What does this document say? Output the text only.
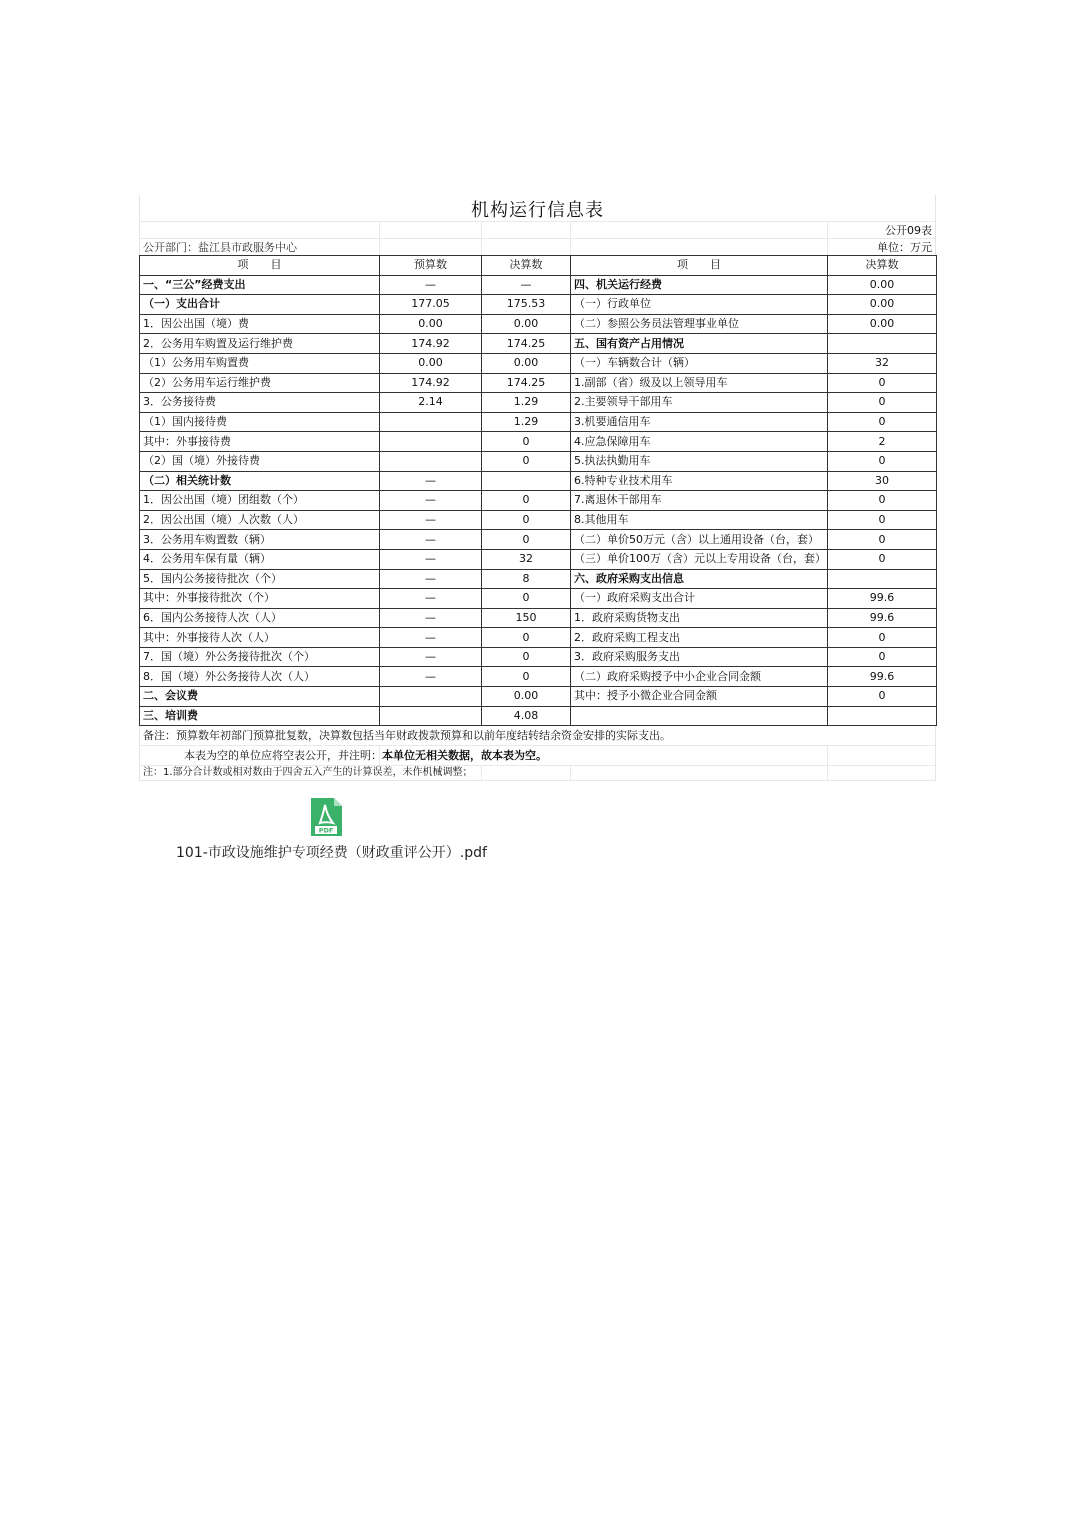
机构运行信息表
公开09表
公开部门：盐江县市政服务中心	单位：万元
项　　目	预算数	决算数	项　　目	决算数
一、“三公”经费支出	—	—	四、机关运行经费	0.00
（一）支出合计	177.05	175.53	（一）行政单位	0.00
1．因公出国（境）费	0.00	0.00	（二）参照公务员法管理事业单位	0.00
2．公务用车购置及运行维护费	174.92	174.25	五、国有资产占用情况	
（1）公务用车购置费	0.00	0.00	（一）车辆数合计（辆）	32
（2）公务用车运行维护费	174.92	174.25	1.副部（省）级及以上领导用车	0
3．公务接待费	2.14	1.29	2.主要领导干部用车	0
（1）国内接待费		1.29	3.机要通信用车	0
其中：外事接待费		0	4.应急保障用车	2
（2）国（境）外接待费		0	5.执法执勤用车	0
（二）相关统计数	—		6.特种专业技术用车	30
1．因公出国（境）团组数（个）	—	0	7.离退休干部用车	0
2．因公出国（境）人次数（人）	—	0	8.其他用车	0
3．公务用车购置数（辆）	—	0	（二）单价50万元（含）以上通用设备（台，套）	0
4．公务用车保有量（辆）	—	32	（三）单价100万（含）元以上专用设备（台，套）	0
5．国内公务接待批次（个）	—	8	六、政府采购支出信息	
其中：外事接待批次（个）	—	0	（一）政府采购支出合计	99.6
6．国内公务接待人次（人）	—	150	1．政府采购货物支出	99.6
其中：外事接待人次（人）	—	0	2．政府采购工程支出	0
7．国（境）外公务接待批次（个）	—	0	3．政府采购服务支出	0
8．国（境）外公务接待人次（人）	—	0	（二）政府采购授予中小企业合同金额	99.6
二、会议费		0.00	其中：授予小微企业合同金额	0
三、培训费		4.08		
备注：预算数年初部门预算批复数，决算数包括当年财政拨款预算和以前年度结转结余资金安排的实际支出。
本表为空的单位应将空表公开，并注明：本单位无相关数据，故本表为空。
注：1.部分合计数或相对数由于四舍五入产生的计算误差，未作机械调整；
PDF
101-市政设施维护专项经费（财政重评公开）.pdf
